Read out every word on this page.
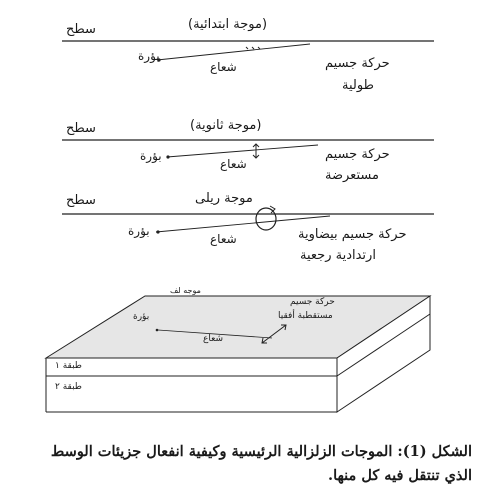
سطح	(موجة ابتدائية)
بؤرة
شعاع	حركة جسيم
طولية
سطح	(موجة ثانوية)
بؤرة
شعاع
حركة جسيم
مستعرضة
سطح	موجة ريلى
بؤرة
شعاع	حركة جسيم بيضاوية
ارتدادية رجعية
موجه لف
بؤرة
شعاع
حركة جسيم
مستقطبة أفقيا
طبقة ١
طبقة ٢
الشكل (1): الموجات الزلزالية الرئيسية وكيفية انفعال جزيئات الوسط
الذي تنتقل فيه كل منها.
